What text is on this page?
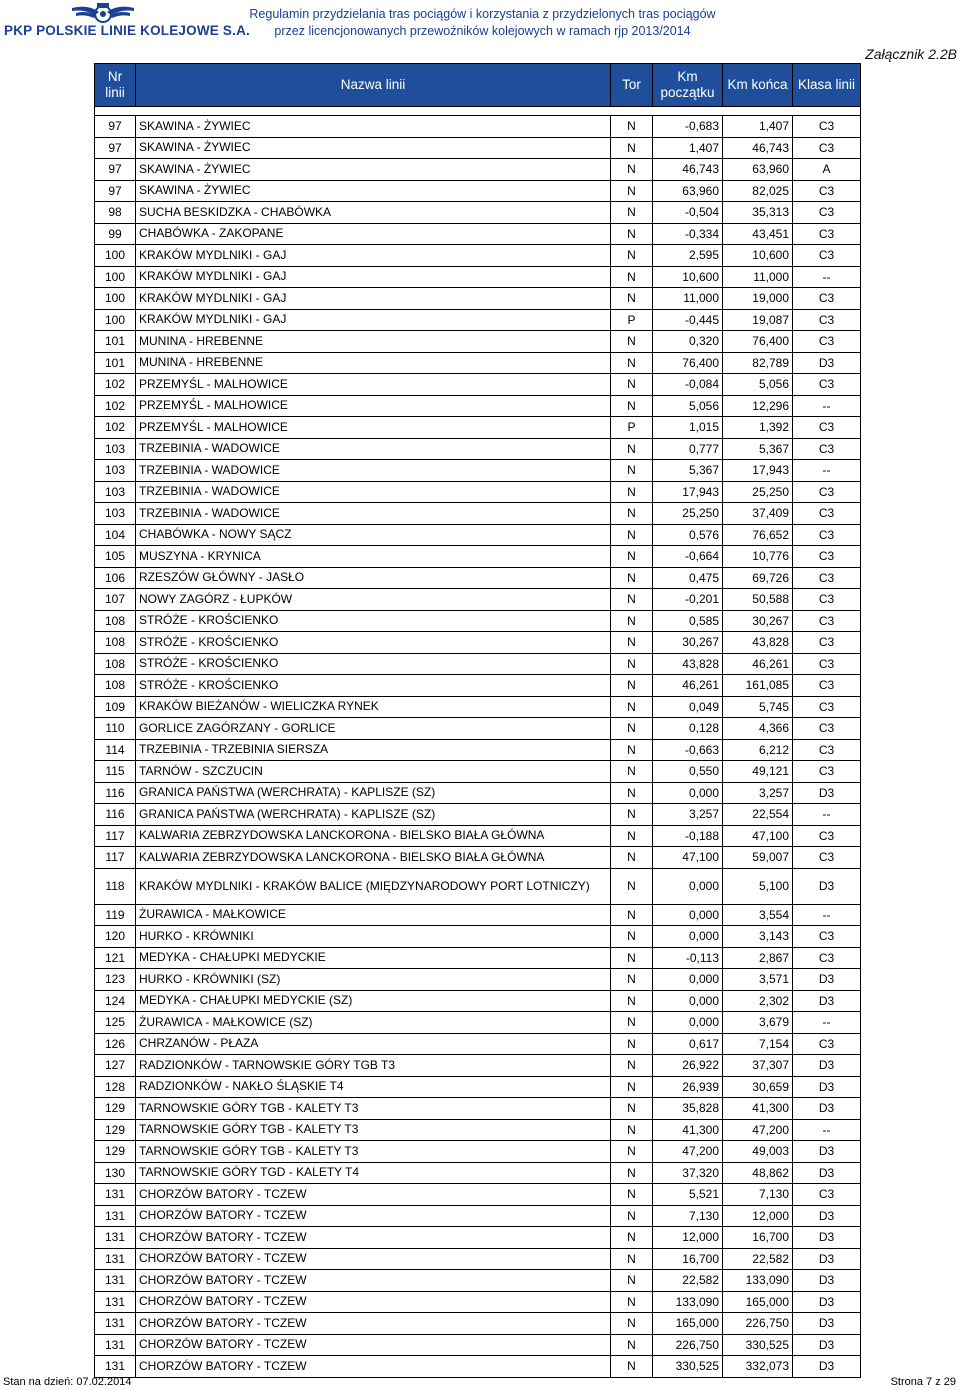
PKP POLSKIE LINIE KOLEJOWE S.A.
Regulamin przydzielania tras pociągów i korzystania z przydzielonych tras pociągów
przez licencjonowanych przewoźników kolejowych w ramach rjp 2013/2014
Załącznik 2.2B
Nr linii	Nazwa linii	Tor	Km początku	Km końca	Klasa linii

97	SKAWINA - ŻYWIEC	N	-0,683	1,407	C3
97	SKAWINA - ŻYWIEC	N	1,407	46,743	C3
97	SKAWINA - ŻYWIEC	N	46,743	63,960	A
97	SKAWINA - ŻYWIEC	N	63,960	82,025	C3
98	SUCHA BESKIDZKA - CHABÓWKA	N	-0,504	35,313	C3
99	CHABÓWKA - ZAKOPANE	N	-0,334	43,451	C3
100	KRAKÓW MYDLNIKI - GAJ	N	2,595	10,600	C3
100	KRAKÓW MYDLNIKI - GAJ	N	10,600	11,000	--
100	KRAKÓW MYDLNIKI - GAJ	N	11,000	19,000	C3
100	KRAKÓW MYDLNIKI - GAJ	P	-0,445	19,087	C3
101	MUNINA - HREBENNE	N	0,320	76,400	C3
101	MUNINA - HREBENNE	N	76,400	82,789	D3
102	PRZEMYŚL - MALHOWICE	N	-0,084	5,056	C3
102	PRZEMYŚL - MALHOWICE	N	5,056	12,296	--
102	PRZEMYŚL - MALHOWICE	P	1,015	1,392	C3
103	TRZEBINIA - WADOWICE	N	0,777	5,367	C3
103	TRZEBINIA - WADOWICE	N	5,367	17,943	--
103	TRZEBINIA - WADOWICE	N	17,943	25,250	C3
103	TRZEBINIA - WADOWICE	N	25,250	37,409	C3
104	CHABÓWKA - NOWY SĄCZ	N	0,576	76,652	C3
105	MUSZYNA - KRYNICA	N	-0,664	10,776	C3
106	RZESZÓW GŁÓWNY - JASŁO	N	0,475	69,726	C3
107	NOWY ZAGÓRZ - ŁUPKÓW	N	-0,201	50,588	C3
108	STRÓŻE - KROŚCIENKO	N	0,585	30,267	C3
108	STRÓŻE - KROŚCIENKO	N	30,267	43,828	C3
108	STRÓŻE - KROŚCIENKO	N	43,828	46,261	C3
108	STRÓŻE - KROŚCIENKO	N	46,261	161,085	C3
109	KRAKÓW BIEŻANÓW - WIELICZKA RYNEK	N	0,049	5,745	C3
110	GORLICE ZAGÓRZANY - GORLICE	N	0,128	4,366	C3
114	TRZEBINIA - TRZEBINIA SIERSZA	N	-0,663	6,212	C3
115	TARNÓW - SZCZUCIN	N	0,550	49,121	C3
116	GRANICA PAŃSTWA (WERCHRATA) - KAPLISZE (SZ)	N	0,000	3,257	D3
116	GRANICA PAŃSTWA (WERCHRATA) - KAPLISZE (SZ)	N	3,257	22,554	--
117	KALWARIA ZEBRZYDOWSKA LANCKORONA - BIELSKO BIAŁA GŁÓWNA	N	-0,188	47,100	C3
117	KALWARIA ZEBRZYDOWSKA LANCKORONA - BIELSKO BIAŁA GŁÓWNA	N	47,100	59,007	C3
118	KRAKÓW MYDLNIKI - KRAKÓW BALICE (MIĘDZYNARODOWY PORT LOTNICZY)	N	0,000	5,100	D3
119	ŻURAWICA - MAŁKOWICE	N	0,000	3,554	--
120	HURKO - KRÓWNIKI	N	0,000	3,143	C3
121	MEDYKA - CHAŁUPKI MEDYCKIE	N	-0,113	2,867	C3
123	HURKO - KRÓWNIKI (SZ)	N	0,000	3,571	D3
124	MEDYKA - CHAŁUPKI MEDYCKIE (SZ)	N	0,000	2,302	D3
125	ŻURAWICA - MAŁKOWICE (SZ)	N	0,000	3,679	--
126	CHRZANÓW - PŁAZA	N	0,617	7,154	C3
127	RADZIONKÓW - TARNOWSKIE GÓRY TGB T3	N	26,922	37,307	D3
128	RADZIONKÓW - NAKŁO ŚLĄSKIE T4	N	26,939	30,659	D3
129	TARNOWSKIE GÓRY TGB - KALETY T3	N	35,828	41,300	D3
129	TARNOWSKIE GÓRY TGB - KALETY T3	N	41,300	47,200	--
129	TARNOWSKIE GÓRY TGB - KALETY T3	N	47,200	49,003	D3
130	TARNOWSKIE GÓRY TGD - KALETY T4	N	37,320	48,862	D3
131	CHORZÓW BATORY - TCZEW	N	5,521	7,130	C3
131	CHORZÓW BATORY - TCZEW	N	7,130	12,000	D3
131	CHORZÓW BATORY - TCZEW	N	12,000	16,700	D3
131	CHORZÓW BATORY - TCZEW	N	16,700	22,582	D3
131	CHORZÓW BATORY - TCZEW	N	22,582	133,090	D3
131	CHORZÓW BATORY - TCZEW	N	133,090	165,000	D3
131	CHORZÓW BATORY - TCZEW	N	165,000	226,750	D3
131	CHORZÓW BATORY - TCZEW	N	226,750	330,525	D3
131	CHORZÓW BATORY - TCZEW	N	330,525	332,073	D3
Stan na dzień: 07.02.2014	Strona 7 z 29
